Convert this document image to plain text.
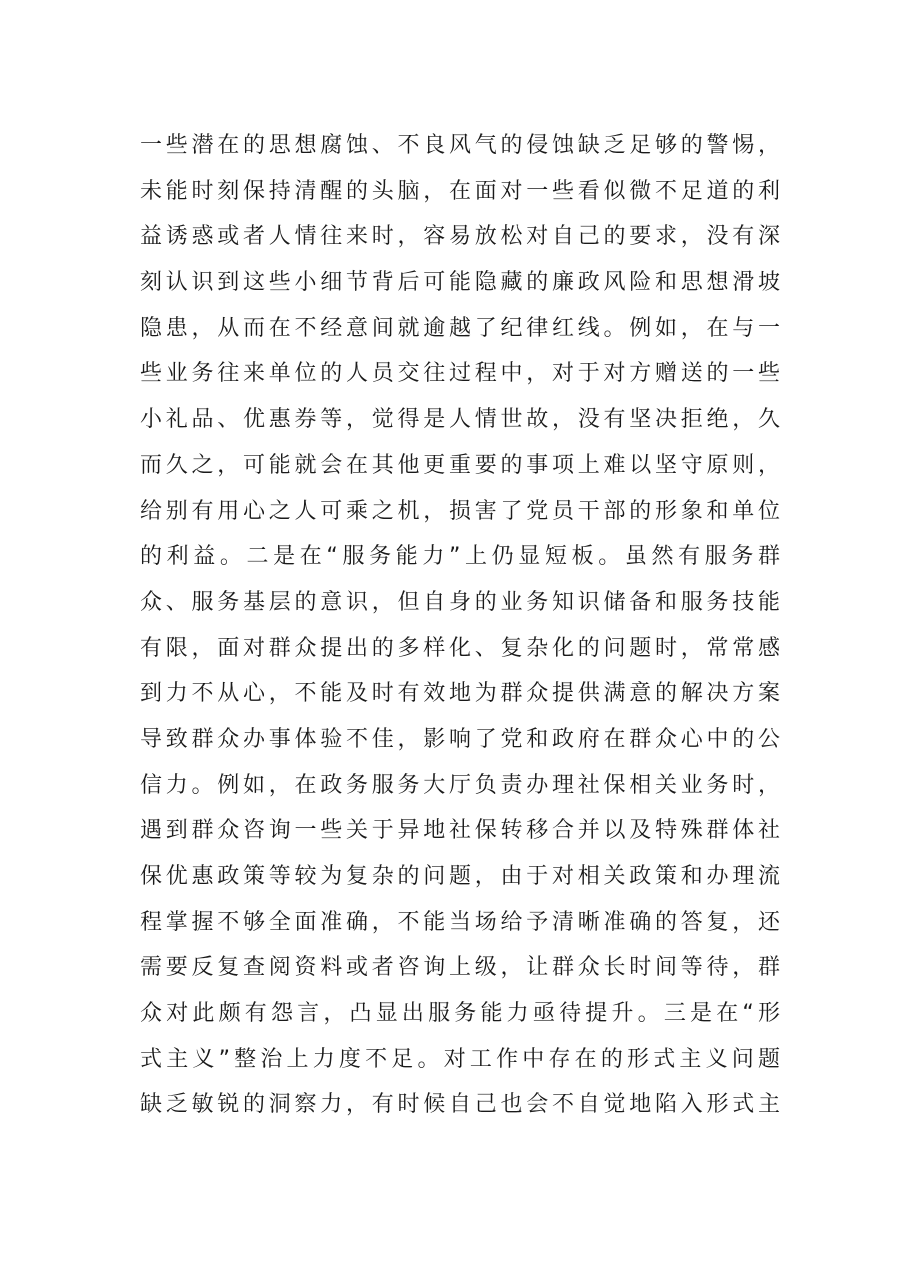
一些潜在的思想腐蚀、不良风气的侵蚀缺乏足够的警惕，
未能时刻保持清醒的头脑，在面对一些看似微不足道的利
益诱惑或者人情往来时，容易放松对自己的要求，没有深
刻认识到这些小细节背后可能隐藏的廉政风险和思想滑坡
隐患，从而在不经意间就逾越了纪律红线。例如，在与一
些业务往来单位的人员交往过程中，对于对方赠送的一些
小礼品、优惠券等，觉得是人情世故，没有坚决拒绝，久
而久之，可能就会在其他更重要的事项上难以坚守原则，
给别有用心之人可乘之机，损害了党员干部的形象和单位
的利益。二是在“服务能力”上仍显短板。虽然有服务群
众、服务基层的意识，但自身的业务知识储备和服务技能
有限，面对群众提出的多样化、复杂化的问题时，常常感
到力不从心，不能及时有效地为群众提供满意的解决方案
导致群众办事体验不佳，影响了党和政府在群众心中的公
信力。例如，在政务服务大厅负责办理社保相关业务时，
遇到群众咨询一些关于异地社保转移合并以及特殊群体社
保优惠政策等较为复杂的问题，由于对相关政策和办理流
程掌握不够全面准确，不能当场给予清晰准确的答复，还
需要反复查阅资料或者咨询上级，让群众长时间等待，群
众对此颇有怨言，凸显出服务能力亟待提升。三是在“形
式主义”整治上力度不足。对工作中存在的形式主义问题
缺乏敏锐的洞察力，有时候自己也会不自觉地陷入形式主
